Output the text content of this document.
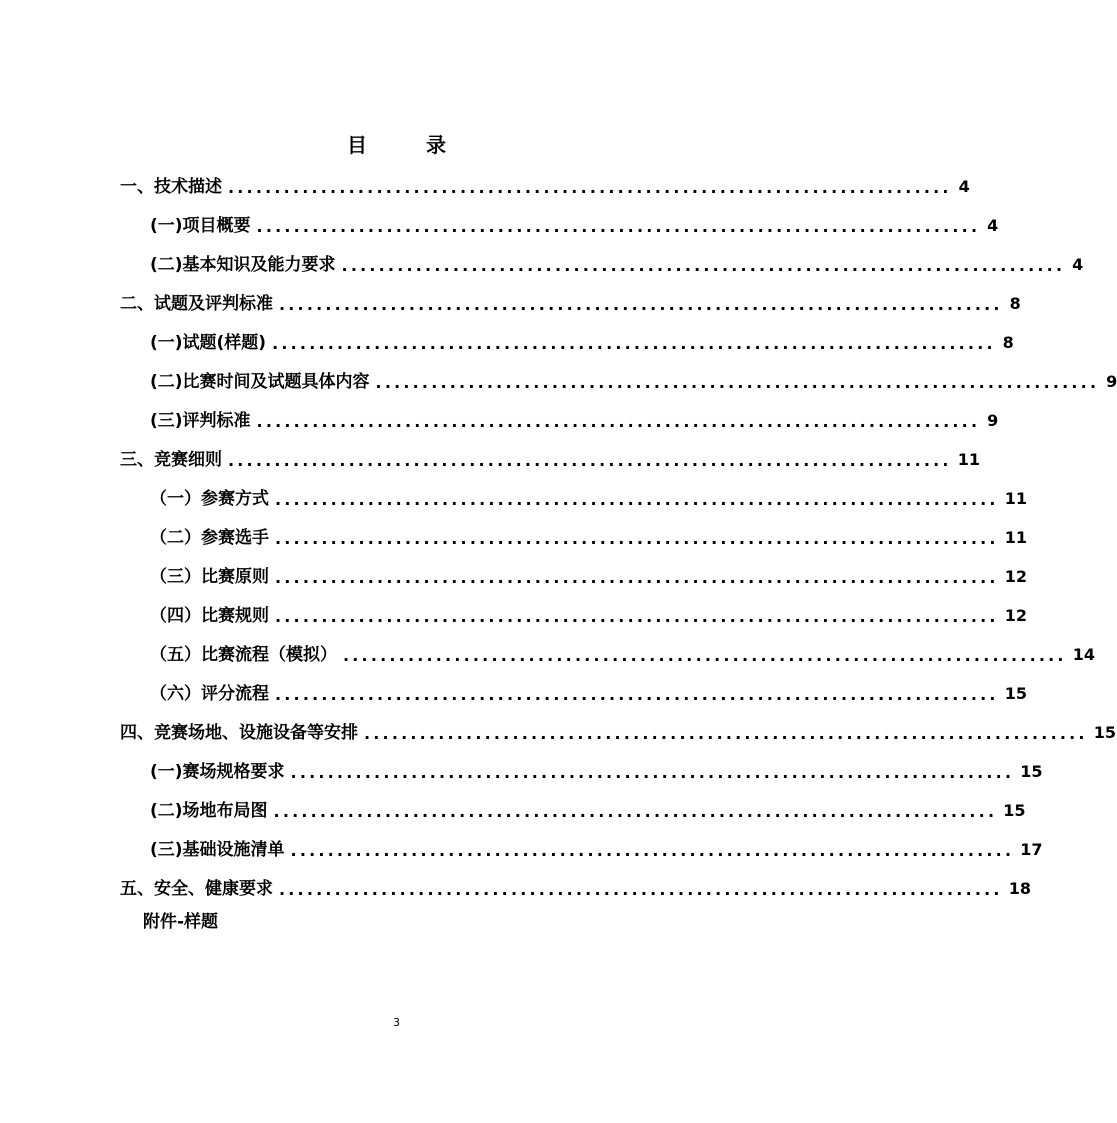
目 录
一、技术描述 .............................................................................. 4
(一)项目概要 .............................................................................. 4
(二)基本知识及能力要求 .............................................................................. 4
二、试题及评判标准 .............................................................................. 8
(一)试题(样题) .............................................................................. 8
(二)比赛时间及试题具体内容 .............................................................................. 9
(三)评判标准 .............................................................................. 9
三、竞赛细则 .............................................................................. 11
（一）参赛方式 .............................................................................. 11
（二）参赛选手 .............................................................................. 11
（三）比赛原则 .............................................................................. 12
（四）比赛规则 .............................................................................. 12
（五）比赛流程（模拟） .............................................................................. 14
（六）评分流程 .............................................................................. 15
四、竞赛场地、设施设备等安排 .............................................................................. 15
(一)赛场规格要求 .............................................................................. 15
(二)场地布局图 .............................................................................. 15
(三)基础设施清单 .............................................................................. 17
五、安全、健康要求 .............................................................................. 18
附件-样题
3
